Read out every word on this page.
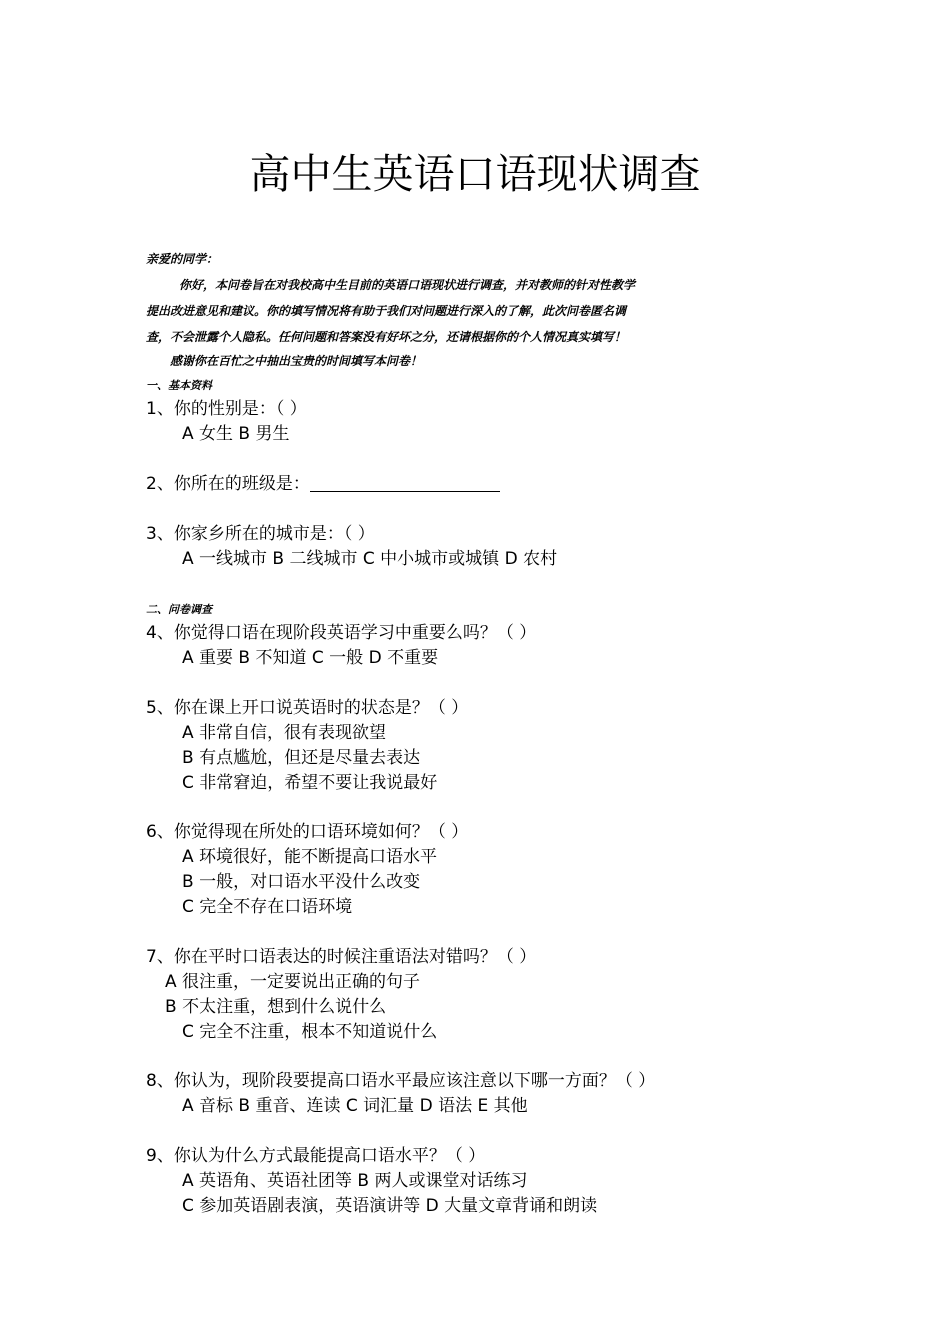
高中生英语口语现状调查
亲爱的同学：
你好，本问卷旨在对我校高中生目前的英语口语现状进行调查，并对教师的针对性教学
提出改进意见和建议。你的填写情况将有助于我们对问题进行深入的了解，此次问卷匿名调
查，不会泄露个人隐私。任何问题和答案没有好坏之分，还请根据你的个人情况真实填写！
感谢你在百忙之中抽出宝贵的时间填写本问卷！
一、基本资料
1、你的性别是：（ ）
A 女生 B 男生
2、你所在的班级是：
3、你家乡所在的城市是：（ ）
A 一线城市 B 二线城市 C 中小城市或城镇 D 农村
二、问卷调查
4、你觉得口语在现阶段英语学习中重要么吗？（ ）
A 重要 B 不知道 C 一般 D 不重要
5、你在课上开口说英语时的状态是？（ ）
A 非常自信，很有表现欲望
B 有点尴尬，但还是尽量去表达
C 非常窘迫，希望不要让我说最好
6、你觉得现在所处的口语环境如何？（ ）
A 环境很好，能不断提高口语水平
B 一般，对口语水平没什么改变
C 完全不存在口语环境
7、你在平时口语表达的时候注重语法对错吗？（ ）
A 很注重，一定要说出正确的句子
B 不太注重，想到什么说什么
C 完全不注重，根本不知道说什么
8、你认为，现阶段要提高口语水平最应该注意以下哪一方面？（ ）
A 音标 B 重音、连读 C 词汇量 D 语法 E 其他
9、你认为什么方式最能提高口语水平？（ ）
A 英语角、英语社团等 B 两人或课堂对话练习
C 参加英语剧表演，英语演讲等 D 大量文章背诵和朗读
